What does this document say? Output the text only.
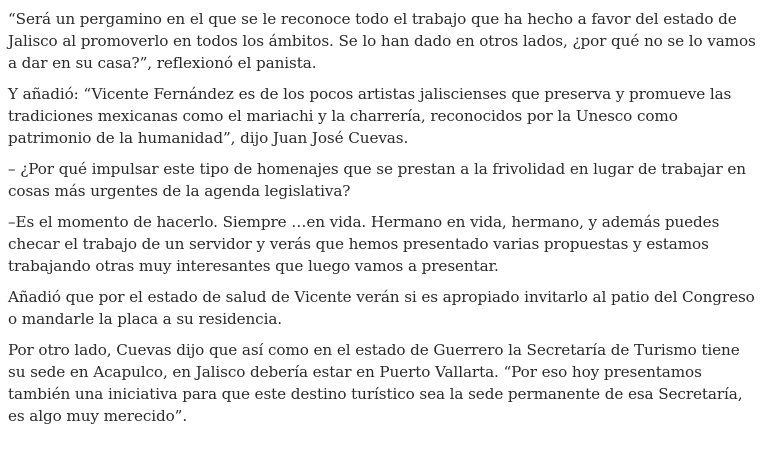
“Será un pergamino en el que se le reconoce todo el trabajo que ha hecho a favor del estado de Jalisco al promoverlo en todos los ámbitos. Se lo han dado en otros lados, ¿por qué no se lo vamos a dar en su casa?”, reflexionó el panista.

Y añadió: “Vicente Fernández es de los pocos artistas jaliscienses que preserva y promueve las tradiciones mexicanas como el mariachi y la charrería, reconocidos por la Unesco como patrimonio de la humanidad”, dijo Juan José Cuevas.

– ¿Por qué impulsar este tipo de homenajes que se prestan a la frivolidad en lugar de trabajar en cosas más urgentes de la agenda legislativa?

–Es el momento de hacerlo. Siempre …en vida. Hermano en vida, hermano, y además puedes checar el trabajo de un servidor y verás que hemos presentado varias propuestas y estamos trabajando otras muy interesantes que luego vamos a presentar.

Añadió que por el estado de salud de Vicente verán si es apropiado invitarlo al patio del Congreso o mandarle la placa a su residencia.

Por otro lado, Cuevas dijo que así como en el estado de Guerrero la Secretaría de Turismo tiene su sede en Acapulco, en Jalisco debería estar en Puerto Vallarta. “Por eso hoy presentamos también una iniciativa para que este destino turístico sea la sede permanente de esa Secretaría, es algo muy merecido”.
